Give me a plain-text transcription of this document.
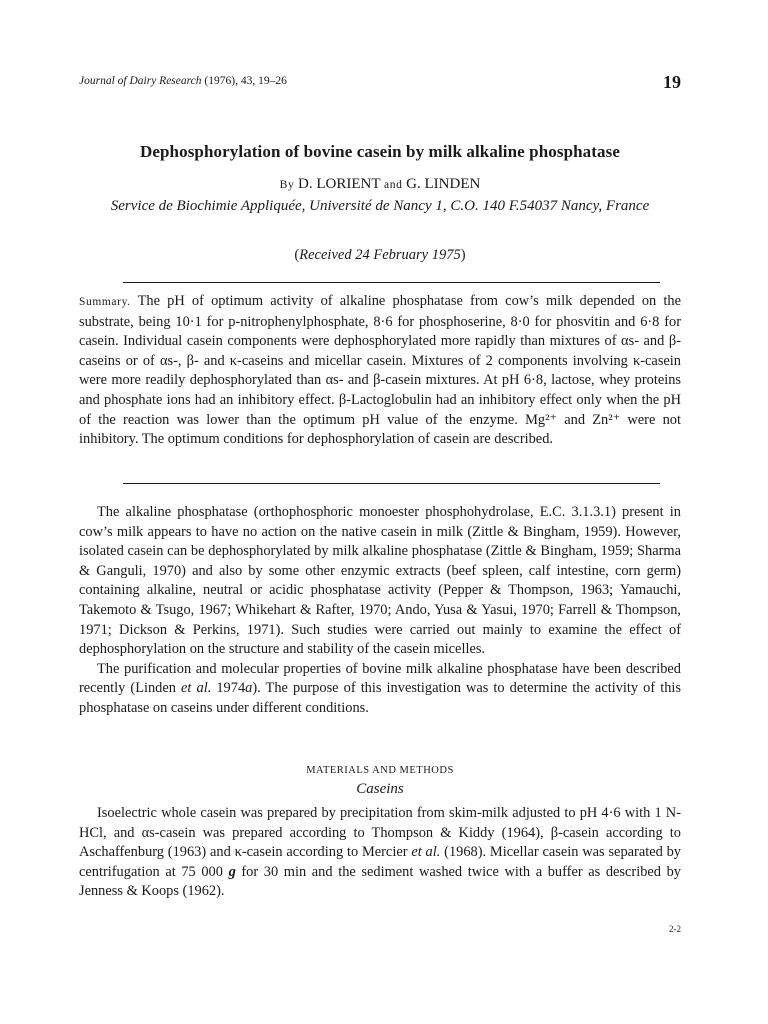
Journal of Dairy Research (1976), 43, 19–26	19
Dephosphorylation of bovine casein by milk alkaline phosphatase
By D. LORIENT and G. LINDEN
Service de Biochimie Appliquée, Université de Nancy 1, C.O. 140 F.54037 Nancy, France
(Received 24 February 1975)
Summary. The pH of optimum activity of alkaline phosphatase from cow’s milk depended on the substrate, being 10·1 for p-nitrophenylphosphate, 8·6 for phosphoserine, 8·0 for phosvitin and 6·8 for casein. Individual casein components were dephosphorylated more rapidly than mixtures of αs- and β-caseins or of αs-, β- and κ-caseins and micellar casein. Mixtures of 2 components involving κ-casein were more readily dephosphorylated than αs- and β-casein mixtures. At pH 6·8, lactose, whey proteins and phosphate ions had an inhibitory effect. β-Lactoglobulin had an inhibitory effect only when the pH of the reaction was lower than the optimum pH value of the enzyme. Mg²⁺ and Zn²⁺ were not inhibitory. The optimum conditions for dephosphorylation of casein are described.

The alkaline phosphatase (orthophosphoric monoester phosphohydrolase, E.C. 3.1.3.1) present in cow’s milk appears to have no action on the native casein in milk (Zittle & Bingham, 1959). However, isolated casein can be dephosphorylated by milk alkaline phosphatase (Zittle & Bingham, 1959; Sharma & Ganguli, 1970) and also by some other enzymic extracts (beef spleen, calf intestine, corn germ) containing alkaline, neutral or acidic phosphatase activity (Pepper & Thompson, 1963; Yamauchi, Takemoto & Tsugo, 1967; Whikehart & Rafter, 1970; Ando, Yusa & Yasui, 1970; Farrell & Thompson, 1971; Dickson & Perkins, 1971). Such studies were carried out mainly to examine the effect of dephosphorylation on the structure and stability of the casein micelles.

The purification and molecular properties of bovine milk alkaline phosphatase have been described recently (Linden et al. 1974a). The purpose of this investigation was to determine the activity of this phosphatase on caseins under different conditions.

MATERIALS AND METHODS
Caseins

Isoelectric whole casein was prepared by precipitation from skim-milk adjusted to pH 4·6 with 1 N-HCl, and αs-casein was prepared according to Thompson & Kiddy (1964), β-casein according to Aschaffenburg (1963) and κ-casein according to Mercier et al. (1968). Micellar casein was separated by centrifugation at 75 000 g for 30 min and the sediment washed twice with a buffer as described by Jenness & Koops (1962).

2-2
